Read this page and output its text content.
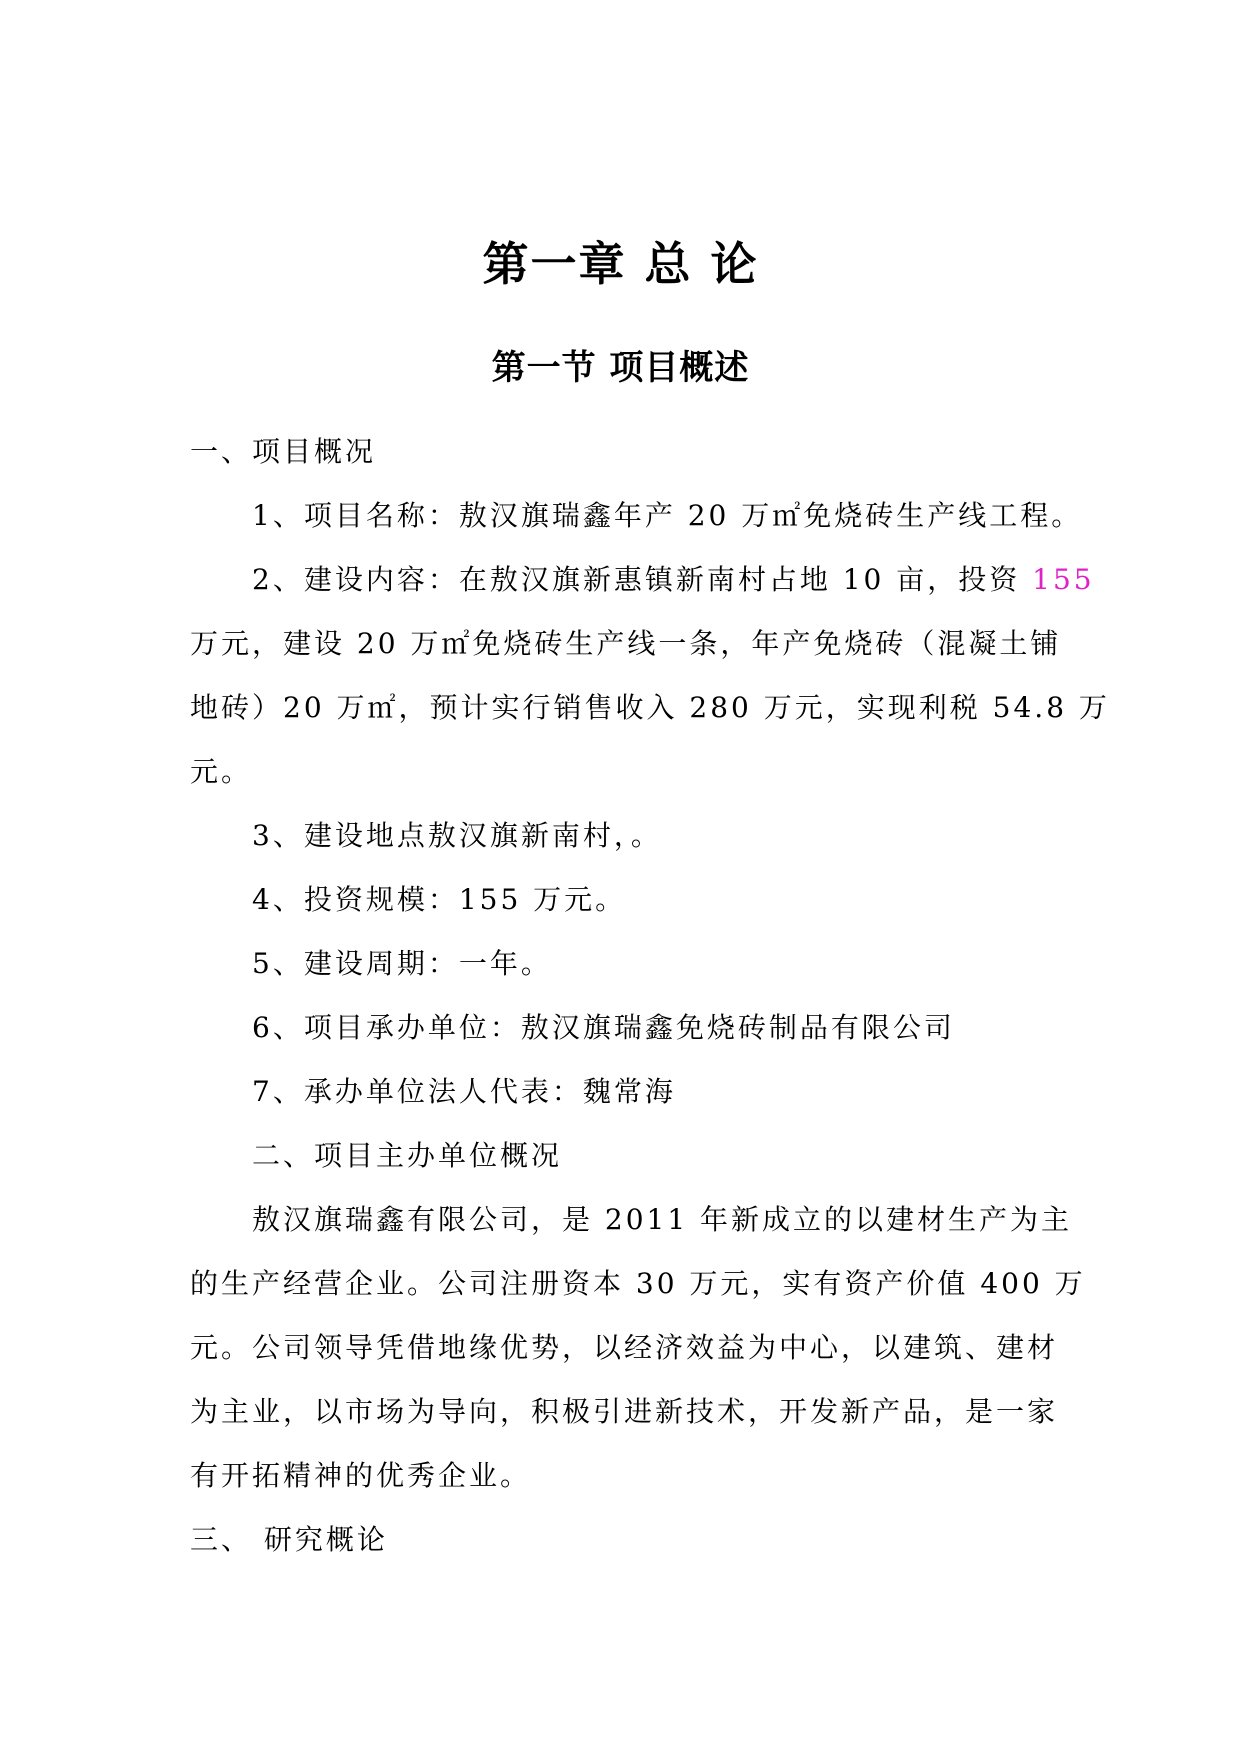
第一章 总 论
第一节 项目概述
一、项目概况
1、项目名称：敖汉旗瑞鑫年产 20 万㎡免烧砖生产线工程。
2、建设内容：在敖汉旗新惠镇新南村占地 10 亩，投资 155
万元，建设 20 万㎡免烧砖生产线一条，年产免烧砖（混凝土铺
地砖）20 万㎡，预计实行销售收入 280 万元，实现利税 54.8 万
元。
3、建设地点敖汉旗新南村，。
4、投资规模：155 万元。
5、建设周期：一年。
6、项目承办单位：敖汉旗瑞鑫免烧砖制品有限公司
7、承办单位法人代表：魏常海
二、项目主办单位概况
敖汉旗瑞鑫有限公司，是 2011 年新成立的以建材生产为主
的生产经营企业。公司注册资本 30 万元，实有资产价值 400 万
元。公司领导凭借地缘优势，以经济效益为中心，以建筑、建材
为主业，以市场为导向，积极引进新技术，开发新产品，是一家
有开拓精神的优秀企业。
三、 研究概论
